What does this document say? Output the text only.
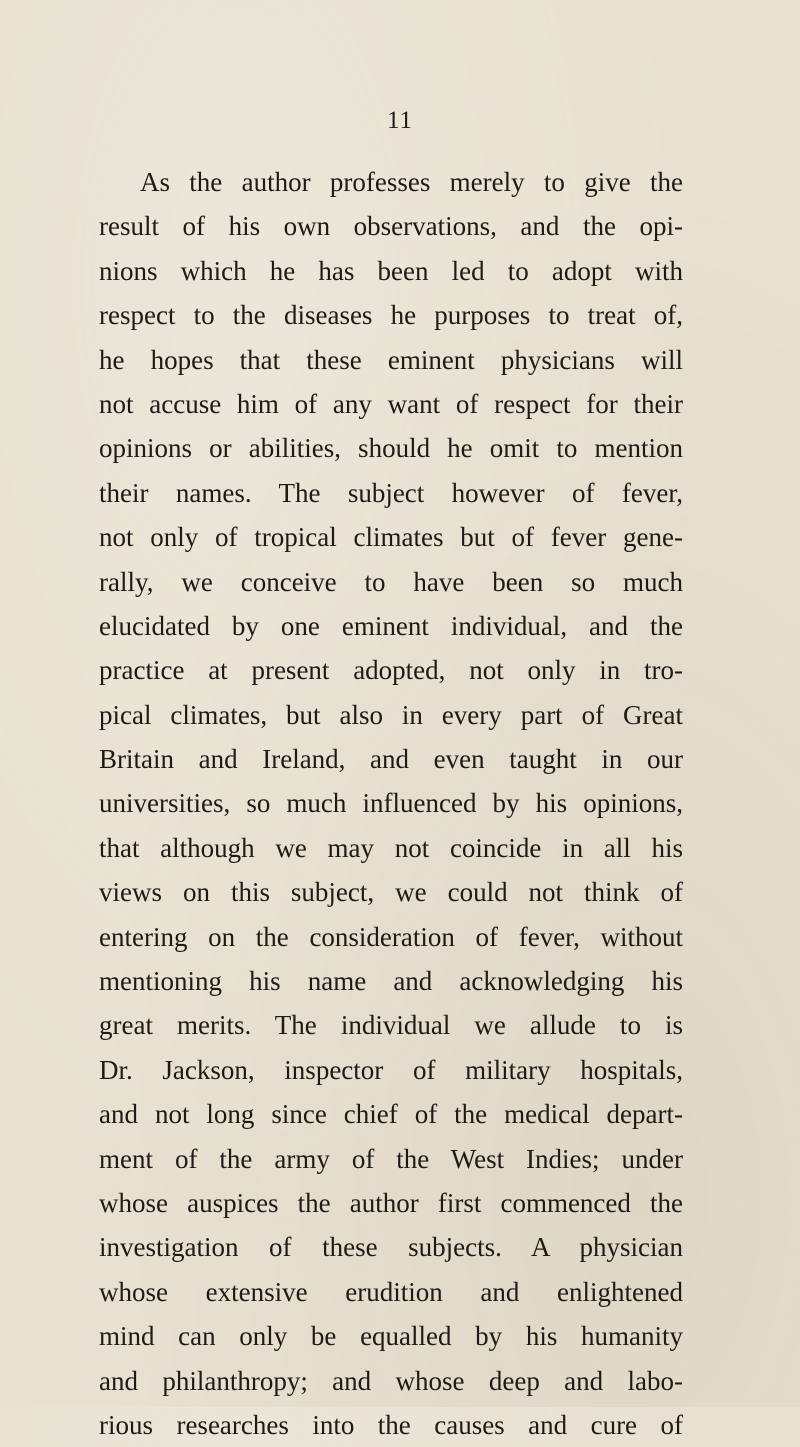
11
As the author professes merely to give the
result of his own observations, and the opi-
nions which he has been led to adopt with
respect to the diseases he purposes to treat of,
he hopes that these eminent physicians will
not accuse him of any want of respect for their
opinions or abilities, should he omit to mention
their names. The subject however of fever,
not only of tropical climates but of fever gene-
rally, we conceive to have been so much
elucidated by one eminent individual, and the
practice at present adopted, not only in tro-
pical climates, but also in every part of Great
Britain and Ireland, and even taught in our
universities, so much influenced by his opinions,
that although we may not coincide in all his
views on this subject, we could not think of
entering on the consideration of fever, without
mentioning his name and acknowledging his
great merits. The individual we allude to is
Dr. Jackson, inspector of military hospitals,
and not long since chief of the medical depart-
ment of the army of the West Indies; under
whose auspices the author first commenced the
investigation of these subjects. A physician
whose extensive erudition and enlightened
mind can only be equalled by his humanity
and philanthropy; and whose deep and labo-
rious researches into the causes and cure of
